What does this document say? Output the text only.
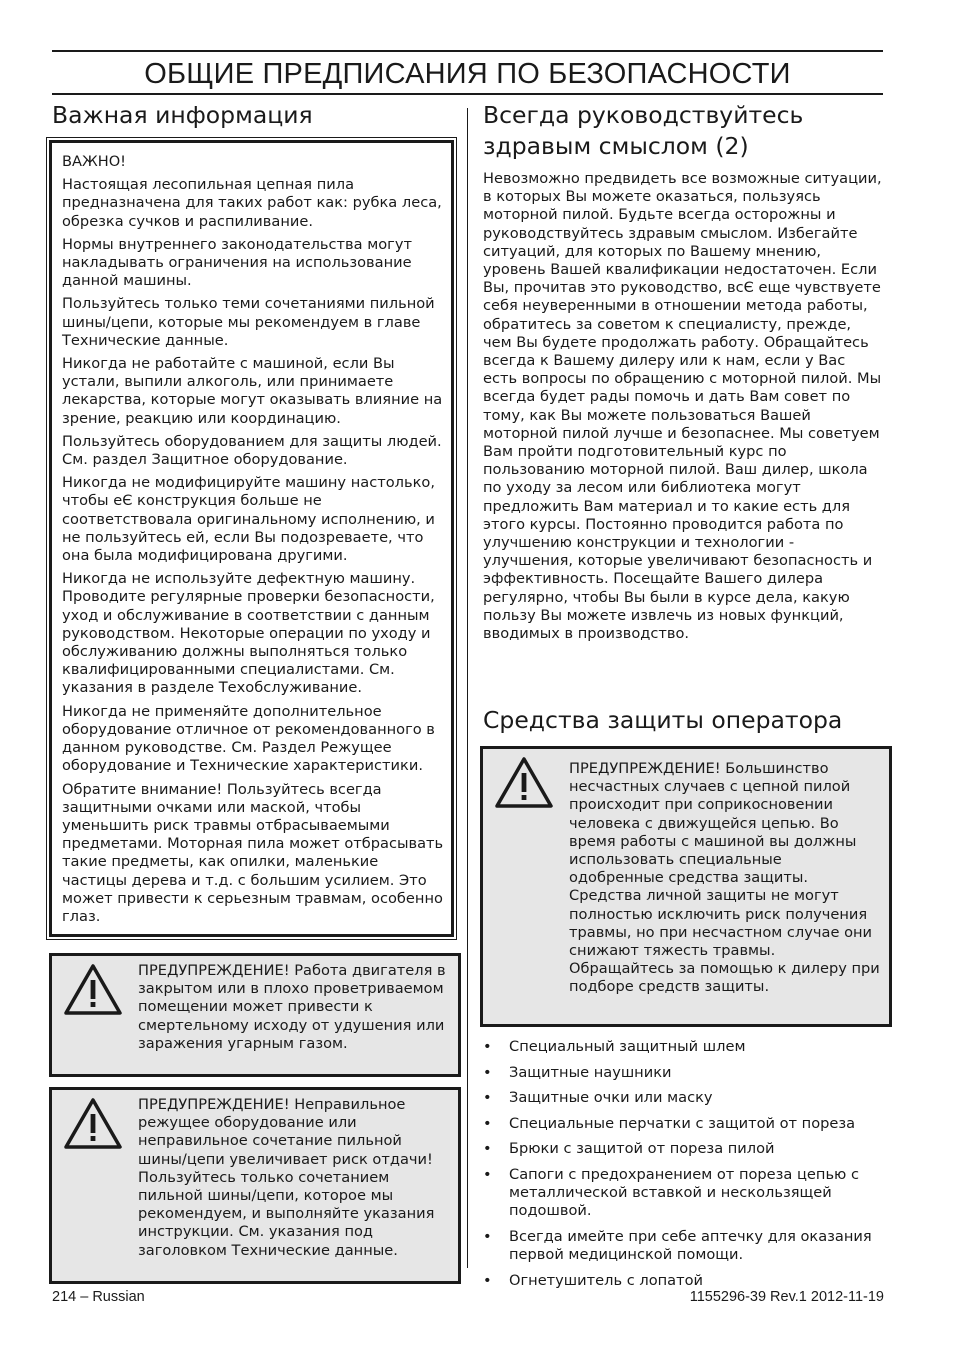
ОБЩИЕ ПРЕДПИСАНИЯ ПО БЕЗОПАСНОСТИ
Важная информация

ВАЖНО!

Настоящая лесопильная цепная пила предназначена для таких работ как: рубка леса, обрезка сучков и распиливание.

Нормы внутреннего законодательства могут накладывать ограничения на использование данной машины.

Пользуйтесь только теми сочетаниями пильной шины/цепи, которые мы рекомендуем в главе Технические данные.

Никогда не работайте с машиной, если Вы устали, выпили алкоголь, или принимаете лекарства, которые могут оказывать влияние на зрение, реакцию или координацию.

Пользуйтесь оборудованием для защиты людей. См. раздел Защитное оборудование.

Никогда не модифицируйте машину настолько, чтобы еЄ конструкция больше не соответствовала оригинальному исполнению, и не пользуйтесь ей, если Вы подозреваете, что она была модифицирована другими.

Никогда не используйте дефектную машину. Проводите регулярные проверки безопасности, уход и обслуживание в соответствии с данным руководством. Некоторые операции по уходу и обслуживанию должны выполняться только квалифицированными специалистами. См. указания в разделе Техобслуживание.

Никогда не применяйте дополнительное оборудование отличное от рекомендованного в данном руководстве. См. Раздел Режущее оборудование и Технические характеристики.

Обратите внимание! Пользуйтесь всегда защитными очками или маской, чтобы уменьшить риск травмы отбрасываемыми предметами. Моторная пила может отбрасывать такие предметы, как опилки, маленькие частицы дерева и т.д. с большим усилием. Это может привести к серьезным травмам, особенно глаз.

ПРЕДУПРЕЖДЕНИЕ! Работа двигателя в закрытом или в плохо проветриваемом помещении может привести к смертельному исходу от удушения или заражения угарным газом.
ПРЕДУПРЕЖДЕНИЕ! Неправильное режущее оборудование или неправильное сочетание пильной шины/цепи увеличивает риск отдачи! Пользуйтесь только сочетанием пильной шины/цепи, которое мы рекомендуем, и выполняйте указания инструкции. См. указания под заголовком Технические данные.
Всегда руководствуйтесь здравым смыслом (2)
Невозможно предвидеть все возможные ситуации, в которых Вы можете оказаться, пользуясь моторной пилой. Будьте всегда осторожны и руководствуйтесь здравым смыслом. Избегайте ситуаций, для которых по Вашему мнению, уровень Вашей квалификации недостаточен. Если Вы, прочитав это руководство, всЄ еще чувствуете себя неуверенными в отношении метода работы, обратитесь за советом к специалисту, прежде, чем Вы будете продолжать работу. Обращайтесь всегда к Вашему дилеру или к нам, если у Вас есть вопросы по обращению с моторной пилой. Мы всегда будет рады помочь и дать Вам совет по тому, как Вы можете пользоваться Вашей моторной пилой лучше и безопаснее. Мы советуем Вам пройти подготовительный курс по пользованию моторной пилой. Ваш дилер, школа по уходу за лесом или библиотека могут предложить Вам материал и то какие есть для этого курсы. Постоянно проводится работа по улучшению конструкции и технологии - улучшения, которые увеличивают безопасность и эффективность. Посещайте Вашего дилера регулярно, чтобы Вы были в курсе дела, какую пользу Вы можете извлечь из новых функций, вводимых в производство.
Средства защиты оператора
ПРЕДУПРЕЖДЕНИЕ! Большинство несчастных случаев с цепной пилой происходит при соприкосновении человека с движущейся цепью. Во время работы с машиной вы должны использовать специальные одобренные средства защиты. Средства личной защиты не могут полностью исключить риск получения травмы, но при несчастном случае они снижают тяжесть травмы. Обращайтесь за помощью к дилеру при подборе средств защиты.
• Специальный защитный шлем
• Защитные наушники
• Защитные очки или маску
• Специальные перчатки с защитой от пореза
• Брюки с защитой от пореза пилой
• Сапоги с предохранением от пореза цепью с металлической вставкой и нескользящей подошвой.
• Всегда имейте при себе аптечку для оказания первой медицинской помощи.
• Огнетушитель с лопатой
214 – Russian	1155296-39 Rev.1 2012-11-19
